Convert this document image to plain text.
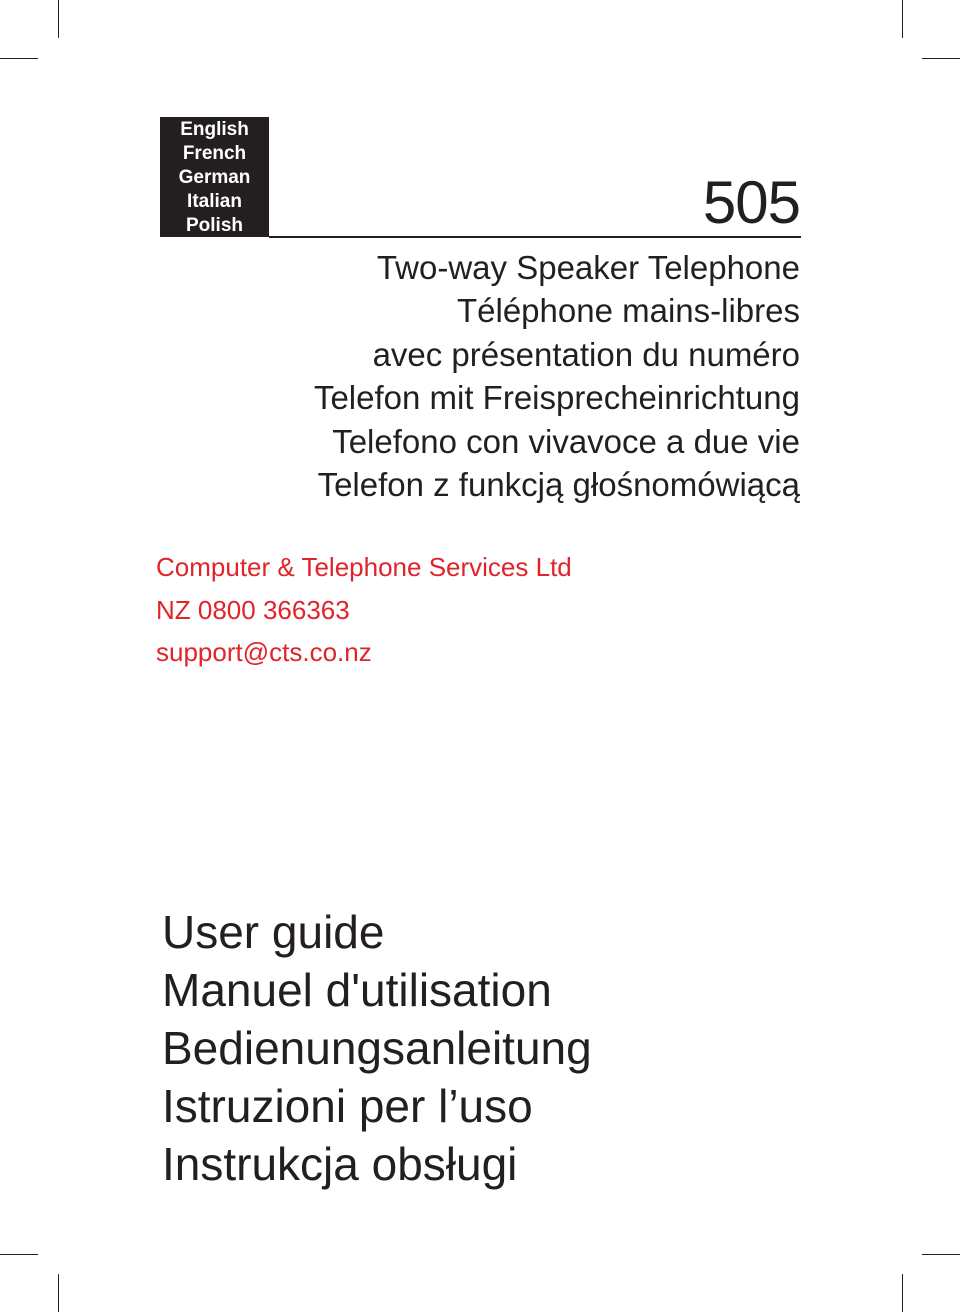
English
French
German
Italian
Polish	505
Two-way Speaker Telephone
Téléphone mains-libres
avec présentation du numéro
Telefon mit Freisprecheinrichtung
Telefono con vivavoce a due vie
Telefon z funkcją głośnomówiącą
Computer & Telephone Services Ltd
NZ 0800 366363
support@cts.co.nz
User guide
Manuel d'utilisation
Bedienungsanleitung
Istruzioni per l’uso
Instrukcja obsługi
